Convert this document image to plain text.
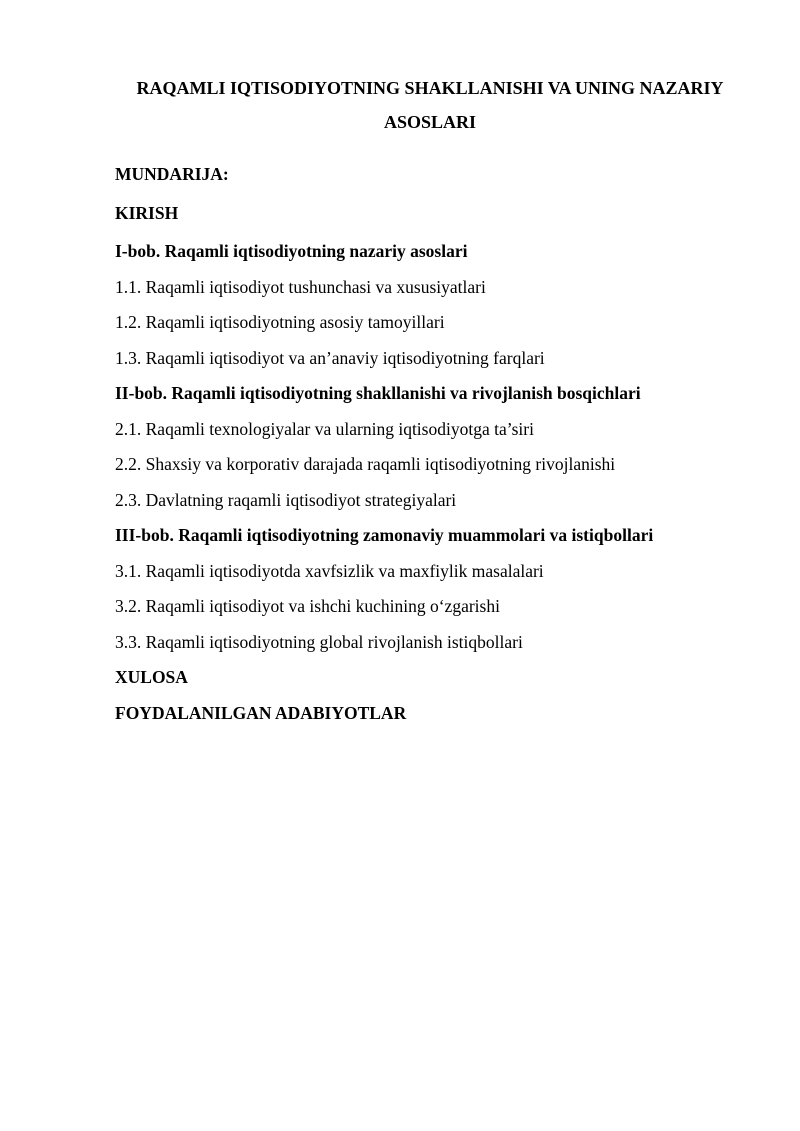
RAQAMLI IQTISODIYOTNING SHAKLLANISHI VA UNING NAZARIY
ASOSLARI
MUNDARIJA:
KIRISH
I-bob. Raqamli iqtisodiyotning nazariy asoslari
1.1. Raqamli iqtisodiyot tushunchasi va xususiyatlari
1.2. Raqamli iqtisodiyotning asosiy tamoyillari
1.3. Raqamli iqtisodiyot va an’anaviy iqtisodiyotning farqlari
II-bob. Raqamli iqtisodiyotning shakllanishi va rivojlanish bosqichlari
2.1. Raqamli texnologiyalar va ularning iqtisodiyotga ta’siri
2.2. Shaxsiy va korporativ darajada raqamli iqtisodiyotning rivojlanishi
2.3. Davlatning raqamli iqtisodiyot strategiyalari
III-bob. Raqamli iqtisodiyotning zamonaviy muammolari va istiqbollari
3.1. Raqamli iqtisodiyotda xavfsizlik va maxfiylik masalalari
3.2. Raqamli iqtisodiyot va ishchi kuchining o‘zgarishi
3.3. Raqamli iqtisodiyotning global rivojlanish istiqbollari
XULOSA
FOYDALANILGAN ADABIYOTLAR
